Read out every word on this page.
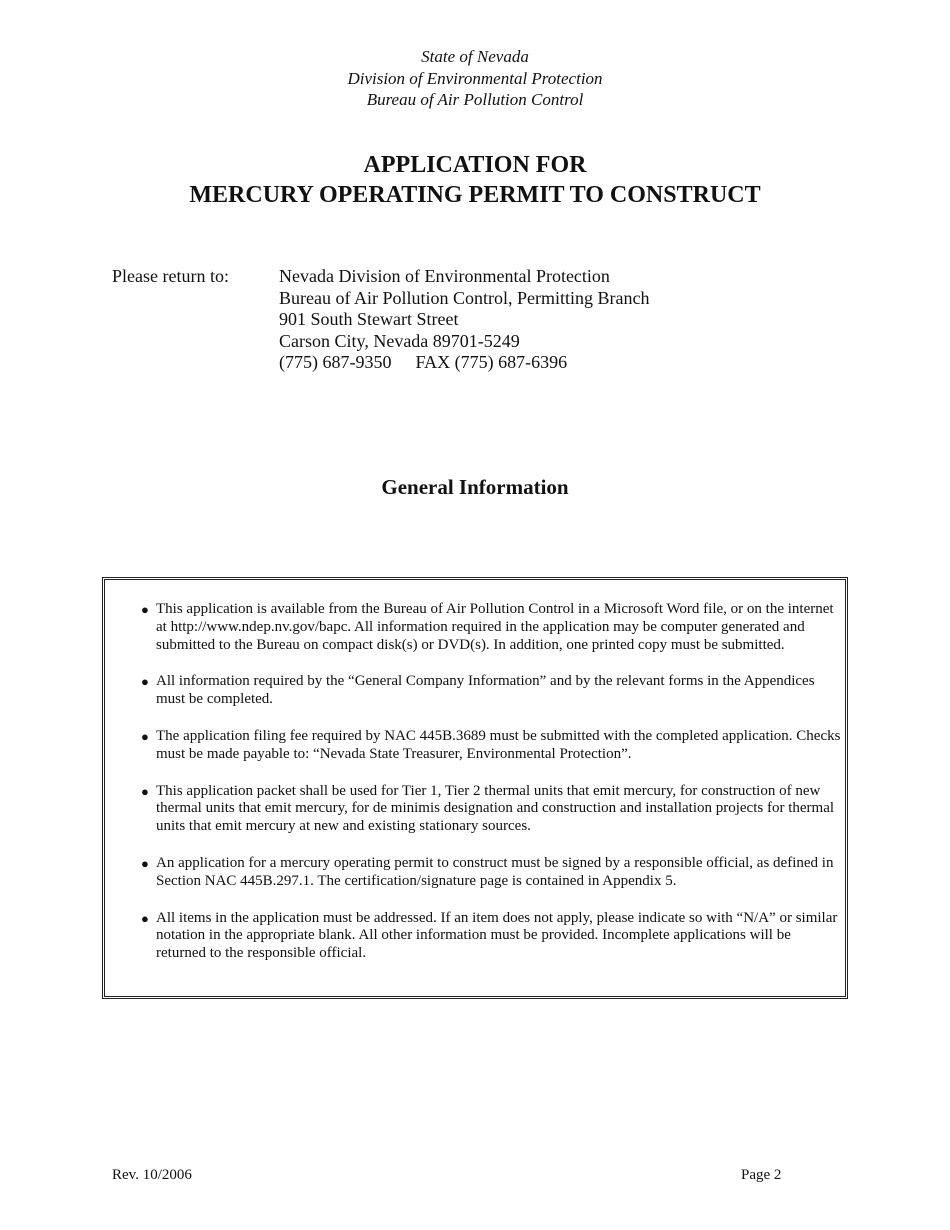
State of Nevada
Division of Environmental Protection
Bureau of Air Pollution Control
APPLICATION FOR
MERCURY OPERATING PERMIT TO CONSTRUCT
Please return to:	Nevada Division of Environmental Protection
Bureau of Air Pollution Control, Permitting Branch
901 South Stewart Street
Carson City, Nevada 89701-5249
(775) 687-9350 FAX (775) 687-6396
General Information
● This application is available from the Bureau of Air Pollution Control in a Microsoft Word file, or on the internet at http://www.ndep.nv.gov/bapc. All information required in the application may be computer generated and submitted to the Bureau on compact disk(s) or DVD(s). In addition, one printed copy must be submitted.
● All information required by the “General Company Information” and by the relevant forms in the Appendices must be completed.
● The application filing fee required by NAC 445B.3689 must be submitted with the completed application. Checks must be made payable to: “Nevada State Treasurer, Environmental Protection”.
● This application packet shall be used for Tier 1, Tier 2 thermal units that emit mercury, for construction of new thermal units that emit mercury, for de minimis designation and construction and installation projects for thermal units that emit mercury at new and existing stationary sources.
● An application for a mercury operating permit to construct must be signed by a responsible official, as defined in Section NAC 445B.297.1. The certification/signature page is contained in Appendix 5.
● All items in the application must be addressed. If an item does not apply, please indicate so with “N/A” or similar notation in the appropriate blank. All other information must be provided. Incomplete applications will be returned to the responsible official.
Rev. 10/2006	Page 2
